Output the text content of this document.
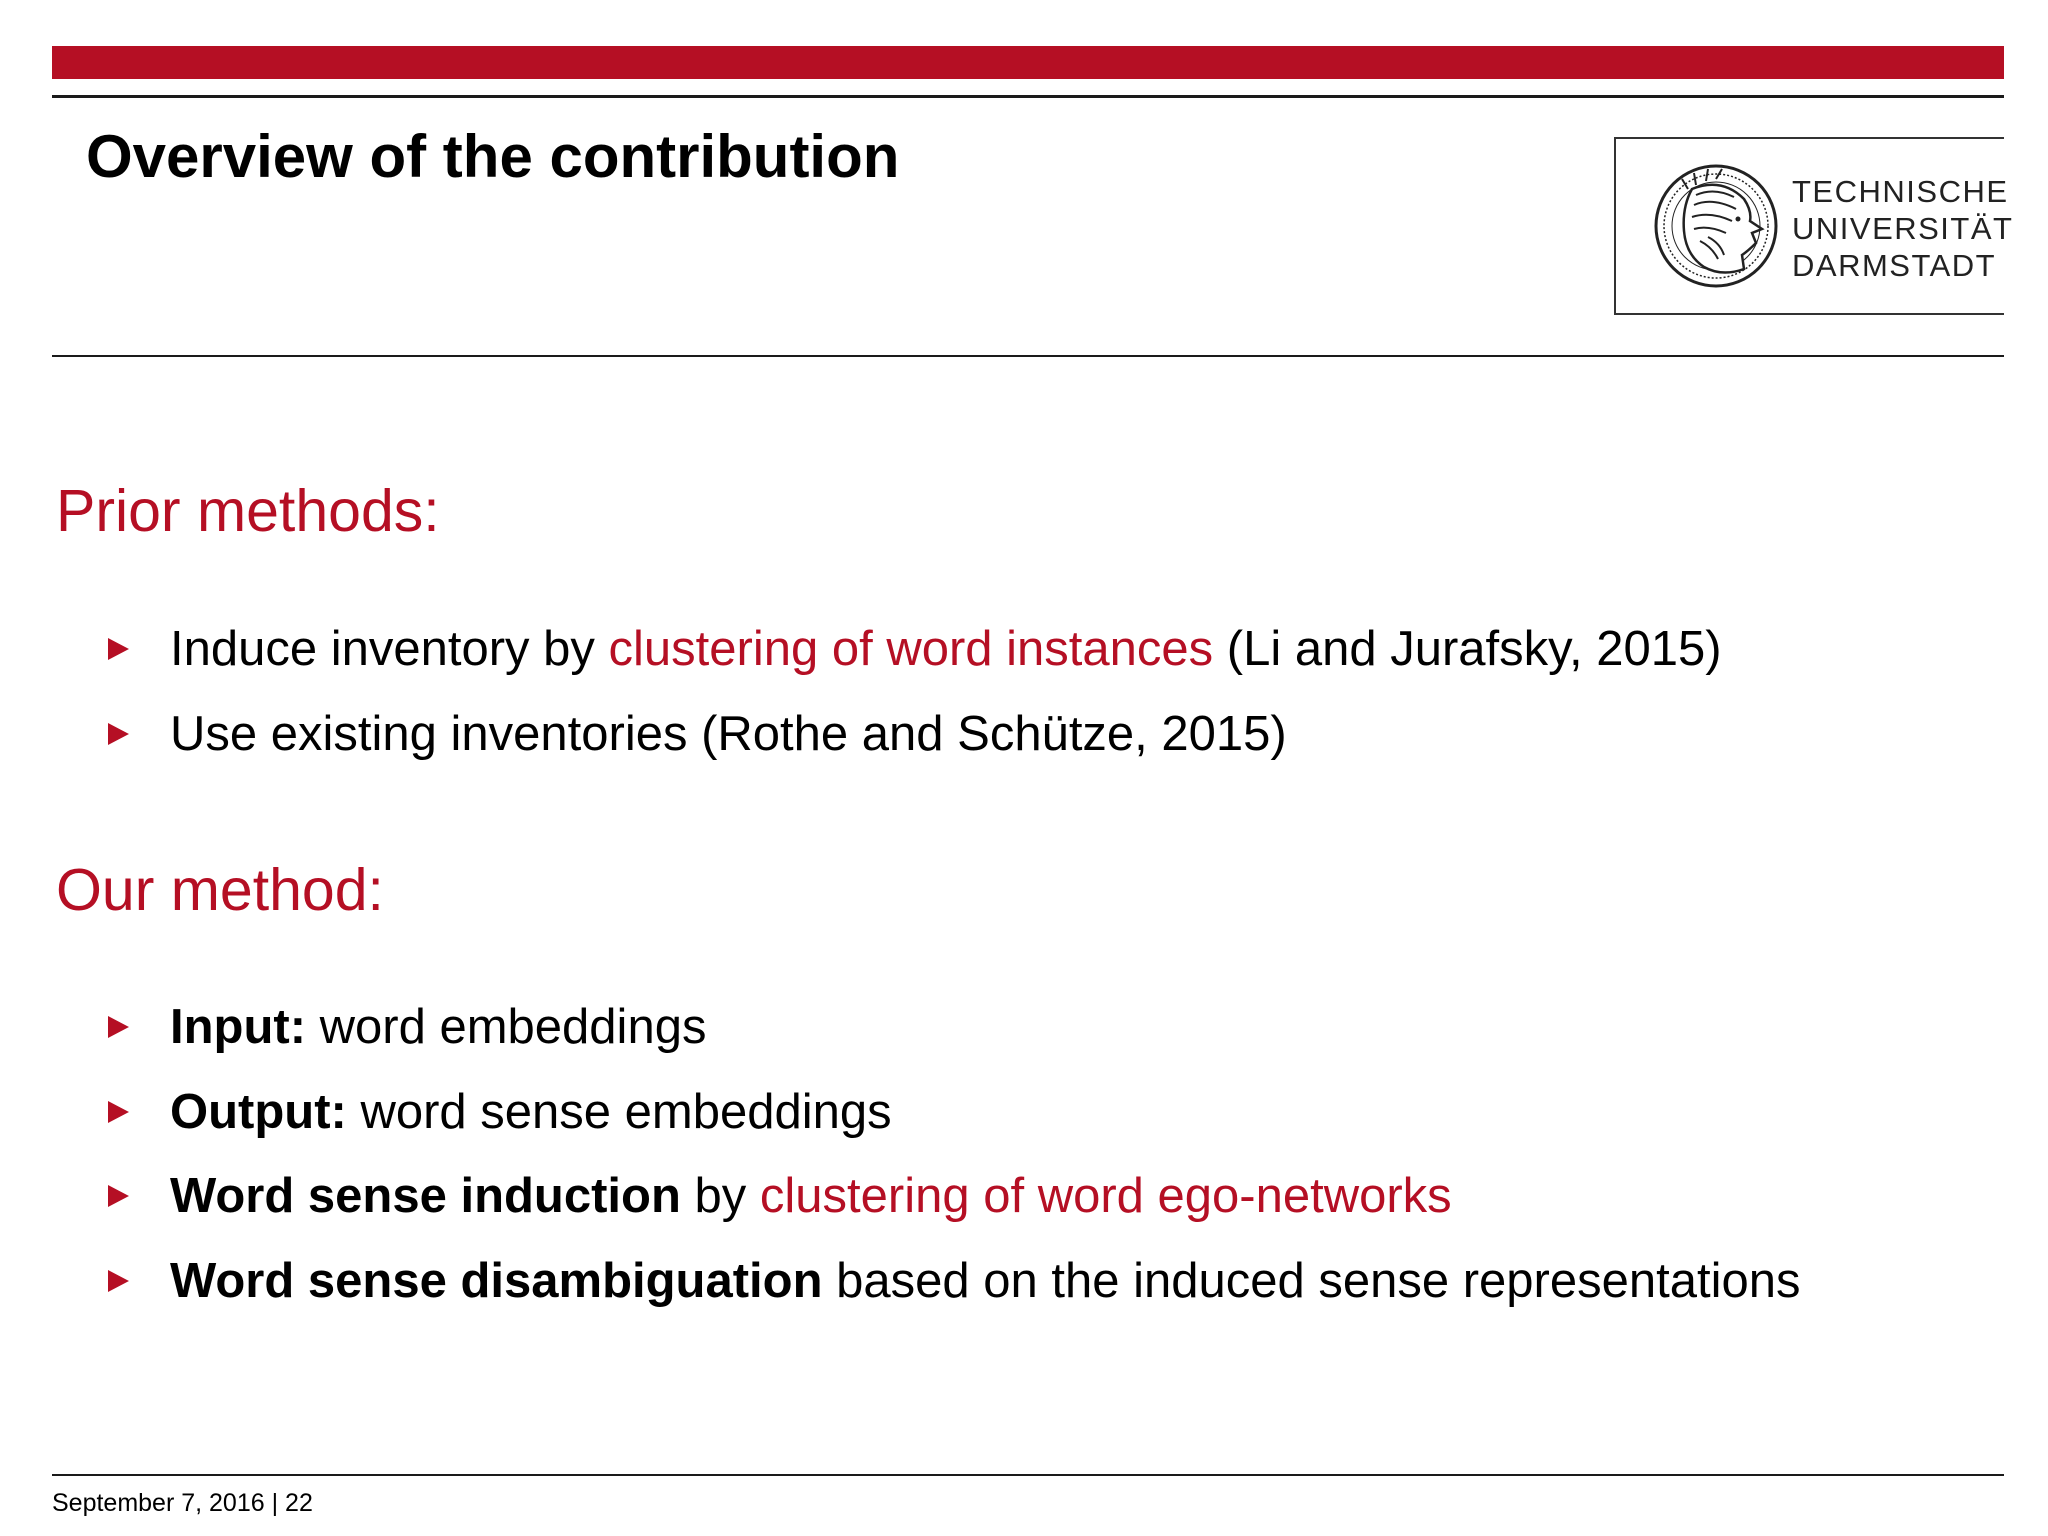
Overview of the contribution
TECHNISCHE
UNIVERSITÄT
DARMSTADT
Prior methods:
Induce inventory by clustering of word instances (Li and Jurafsky, 2015)
Use existing inventories (Rothe and Schütze, 2015)
Our method:
Input: word embeddings
Output: word sense embeddings
Word sense induction by clustering of word ego-networks
Word sense disambiguation based on the induced sense representations
September 7, 2016 | 22
